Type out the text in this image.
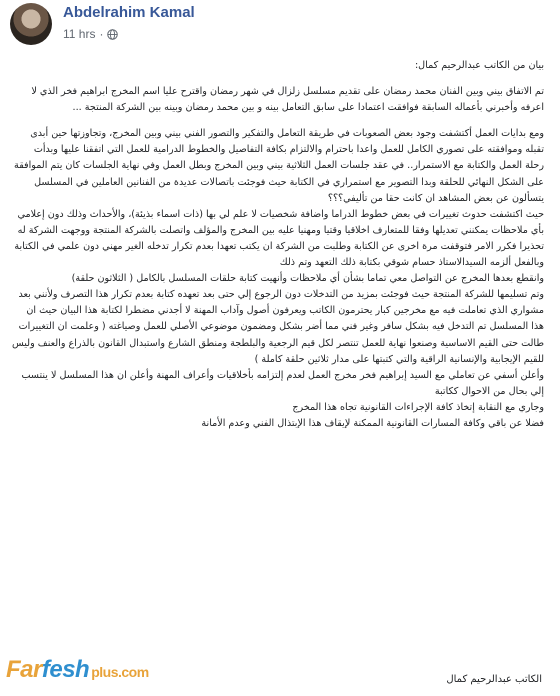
Abdelrahim Kamal
11 hrs ·

بيان من الكاتب عبدالرحيم كمال:

تم الاتفاق بيني وبين الفنان محمد رمضان على تقديم مسلسل زلزال في شهر رمضان واقترح عليا اسم المخرج ابراهيم فخر الذي لا اعرفه وأخبرني بأعماله السابقة فوافقت اعتمادا على سابق التعامل بينه و بين محمد رمضان وبينه بين الشركة المنتجة ...

ومع بدايات العمل أكتشفت وجود بعض الصعوبات في طريقة التعامل والتفكير والتصور الفني بيني وبين المخرج، وتجاوزتها حين أبدى تقبله وموافقته على تصوري الكامل للعمل واعدا باحترام والالتزام بكافة التفاصيل والخطوط الدرامية للعمل التي اتفقنا عليها وبدأت رحلة العمل والكتابة مع الاستمرار.. في عقد جلسات العمل الثلاثية بيني وبين المخرج وبطل العمل وفي نهاية الجلسات كان يتم الموافقة على الشكل النهائي للحلقة وبدا التصوير مع استمراري في الكتابة حيث فوجئت باتصالات عديدة من الفنانين العاملين في المسلسل يتسألون عن بعض المشاهد ان كانت حقا من تأليفي؟؟؟

حيث اكتشفت حدوث تغييرات في بعض خطوط الدراما واضافة شخصيات لا علم لي بها (ذات اسماء بذيئة)، والأحداث وذلك دون إعلامي بأي ملاحظات يمكنني تعديلها وفقا للمتعارف اخلاقيا وقتيا ومهنيا عليه بين المخرج والمؤلف واتصلت بالشركة المنتجة ووجهت الشركة له تحذيرا فكرر الامر فتوقفت مرة اخرى عن الكتابة وطلبت من الشركة ان يكتب تعهدا بعدم تكرار تدخله الغير مهني دون علمي في الكتابة وبالفعل ألزمه السيدالاستاذ حسام شوقي بكتابة ذلك التعهد وتم ذلك

وانقطع بعدها المخرج عن التواصل معي تماما بشأن أي ملاحظات وأنهيت كتابة حلقات المسلسل بالكامل ( الثلاثون حلقة)

وتم تسليمها للشركة المنتجة حيث فوجئت بمزيد من التدخلات دون الرجوع إلي حتى بعد تعهده كتابة بعدم تكرار هذا التصرف ولأنني بعد مشواري الذي تعاملت فيه مع مخرجين كبار يحترمون الكاتب ويعرفون أصول وآداب المهنة لا أجدني مضطرا لكتابة هذا البيان حيث ان هذا المسلسل تم التدخل فيه بشكل سافر وغير فني مما أضر بشكل ومضمون موضوعي الأصلي للعمل وصياغته ( وعلمت ان التغييرات طالت حتى القيم الاساسية وصنعوا نهاية للعمل تنتصر لكل قيم الرجعية والبلطجة ومنطق الشارع واستبدال القانون بالذراع والعنف وليس للقيم الإيجابية والإنسانية الراقية والتي كتبتها على مدار ثلاثين حلقة كاملة )

وأعلن أسفي عن تعاملي مع السيد إبراهيم فخر مخرج العمل لعدم إلتزامه بأخلاقيات وأعراف المهنة وأعلن ان هذا المسلسل لا ينتسب إلي بحال من الاحوال ككاتبة

وجاري مع النقابة إتخاذ كافة الإجراءات القانونية تجاه هذا المخرج

فضلا عن باقي وكافة المسارات القانونية الممكنة لإيقاف هذا الإبتذال الفني وعدم الأمانة

Far fesh plus.com	الكاتب عبدالرحيم كمال
